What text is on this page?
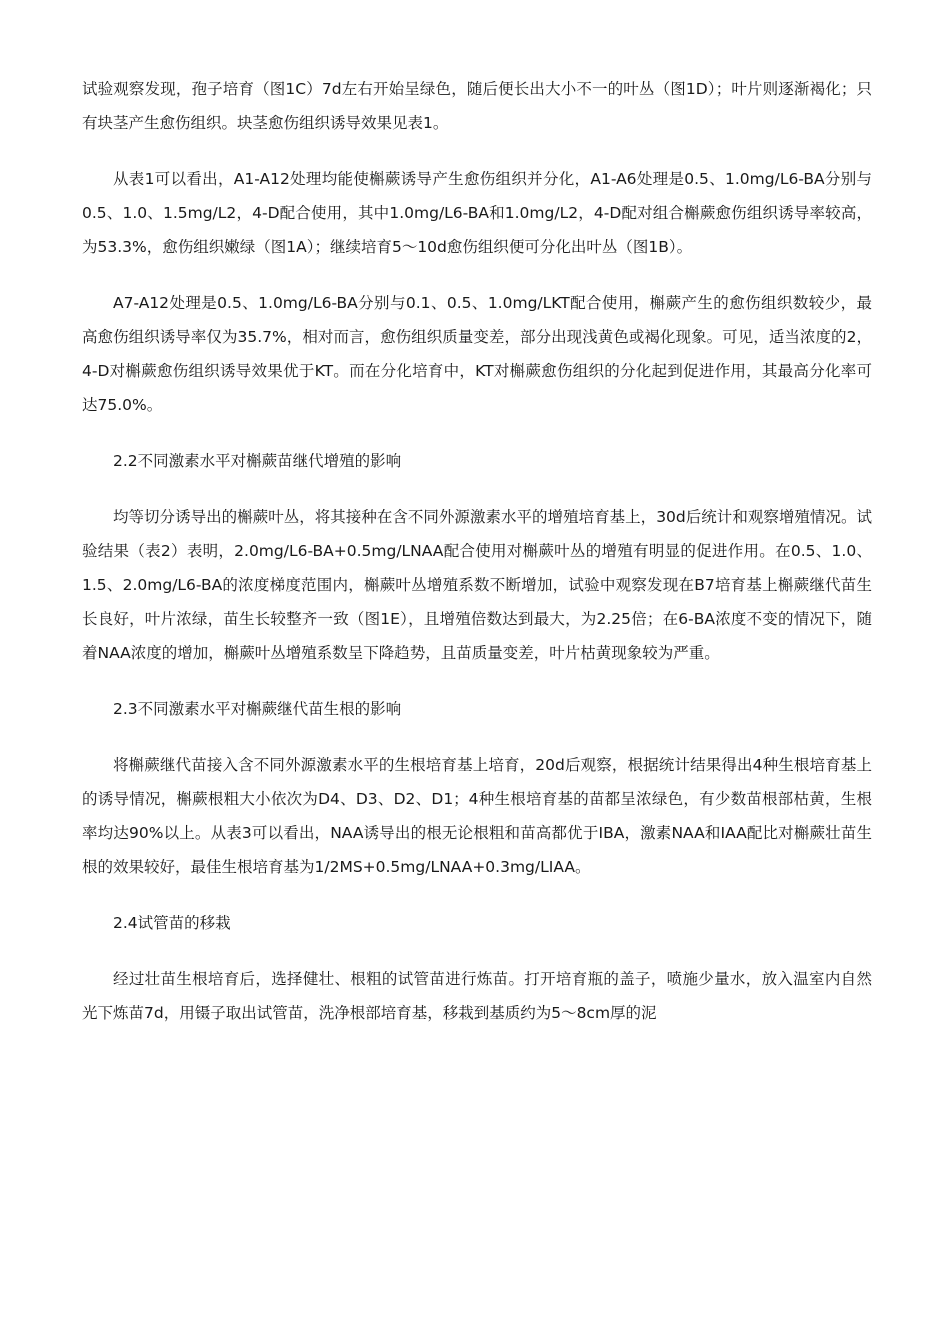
试验观察发现，孢子培育（图1C）7d左右开始呈绿色，随后便长出大小不一的叶丛（图1D）；叶片则逐渐褐化；只有块茎产生愈伤组织。块茎愈伤组织诱导效果见表1。

从表1可以看出，A1-A12处理均能使槲蕨诱导产生愈伤组织并分化，A1-A6处理是0.5、1.0mg/L6-BA分别与0.5、1.0、1.5mg/L2，4-D配合使用，其中1.0mg/L6-BA和1.0mg/L2，4-D配对组合槲蕨愈伤组织诱导率较高，为53.3%，愈伤组织嫩绿（图1A）；继续培育5～10d愈伤组织便可分化出叶丛（图1B）。

A7-A12处理是0.5、1.0mg/L6-BA分别与0.1、0.5、1.0mg/LKT配合使用，槲蕨产生的愈伤组织数较少，最高愈伤组织诱导率仅为35.7%，相对而言，愈伤组织质量变差，部分出现浅黄色或褐化现象。可见，适当浓度的2，4-D对槲蕨愈伤组织诱导效果优于KT。而在分化培育中，KT对槲蕨愈伤组织的分化起到促进作用，其最高分化率可达75.0%。

2.2不同激素水平对槲蕨苗继代增殖的影响

均等切分诱导出的槲蕨叶丛，将其接种在含不同外源激素水平的增殖培育基上，30d后统计和观察增殖情况。试验结果（表2）表明，2.0mg/L6-BA+0.5mg/LNAA配合使用对槲蕨叶丛的增殖有明显的促进作用。在0.5、1.0、1.5、2.0mg/L6-BA的浓度梯度范围内，槲蕨叶丛增殖系数不断增加，试验中观察发现在B7培育基上槲蕨继代苗生长良好，叶片浓绿，苗生长较整齐一致（图1E），且增殖倍数达到最大，为2.25倍；在6-BA浓度不变的情况下，随着NAA浓度的增加，槲蕨叶丛增殖系数呈下降趋势，且苗质量变差，叶片枯黄现象较为严重。

2.3不同激素水平对槲蕨继代苗生根的影响

将槲蕨继代苗接入含不同外源激素水平的生根培育基上培育，20d后观察，根据统计结果得出4种生根培育基上的诱导情况，槲蕨根粗大小依次为D4、D3、D2、D1；4种生根培育基的苗都呈浓绿色，有少数苗根部枯黄，生根率均达90%以上。从表3可以看出，NAA诱导出的根无论根粗和苗高都优于IBA，激素NAA和IAA配比对槲蕨壮苗生根的效果较好，最佳生根培育基为1/2MS+0.5mg/LNAA+0.3mg/LIAA。

2.4试管苗的移栽

经过壮苗生根培育后，选择健壮、根粗的试管苗进行炼苗。打开培育瓶的盖子，喷施少量水，放入温室内自然光下炼苗7d，用镊子取出试管苗，洗净根部培育基，移栽到基质约为5～8cm厚的泥
